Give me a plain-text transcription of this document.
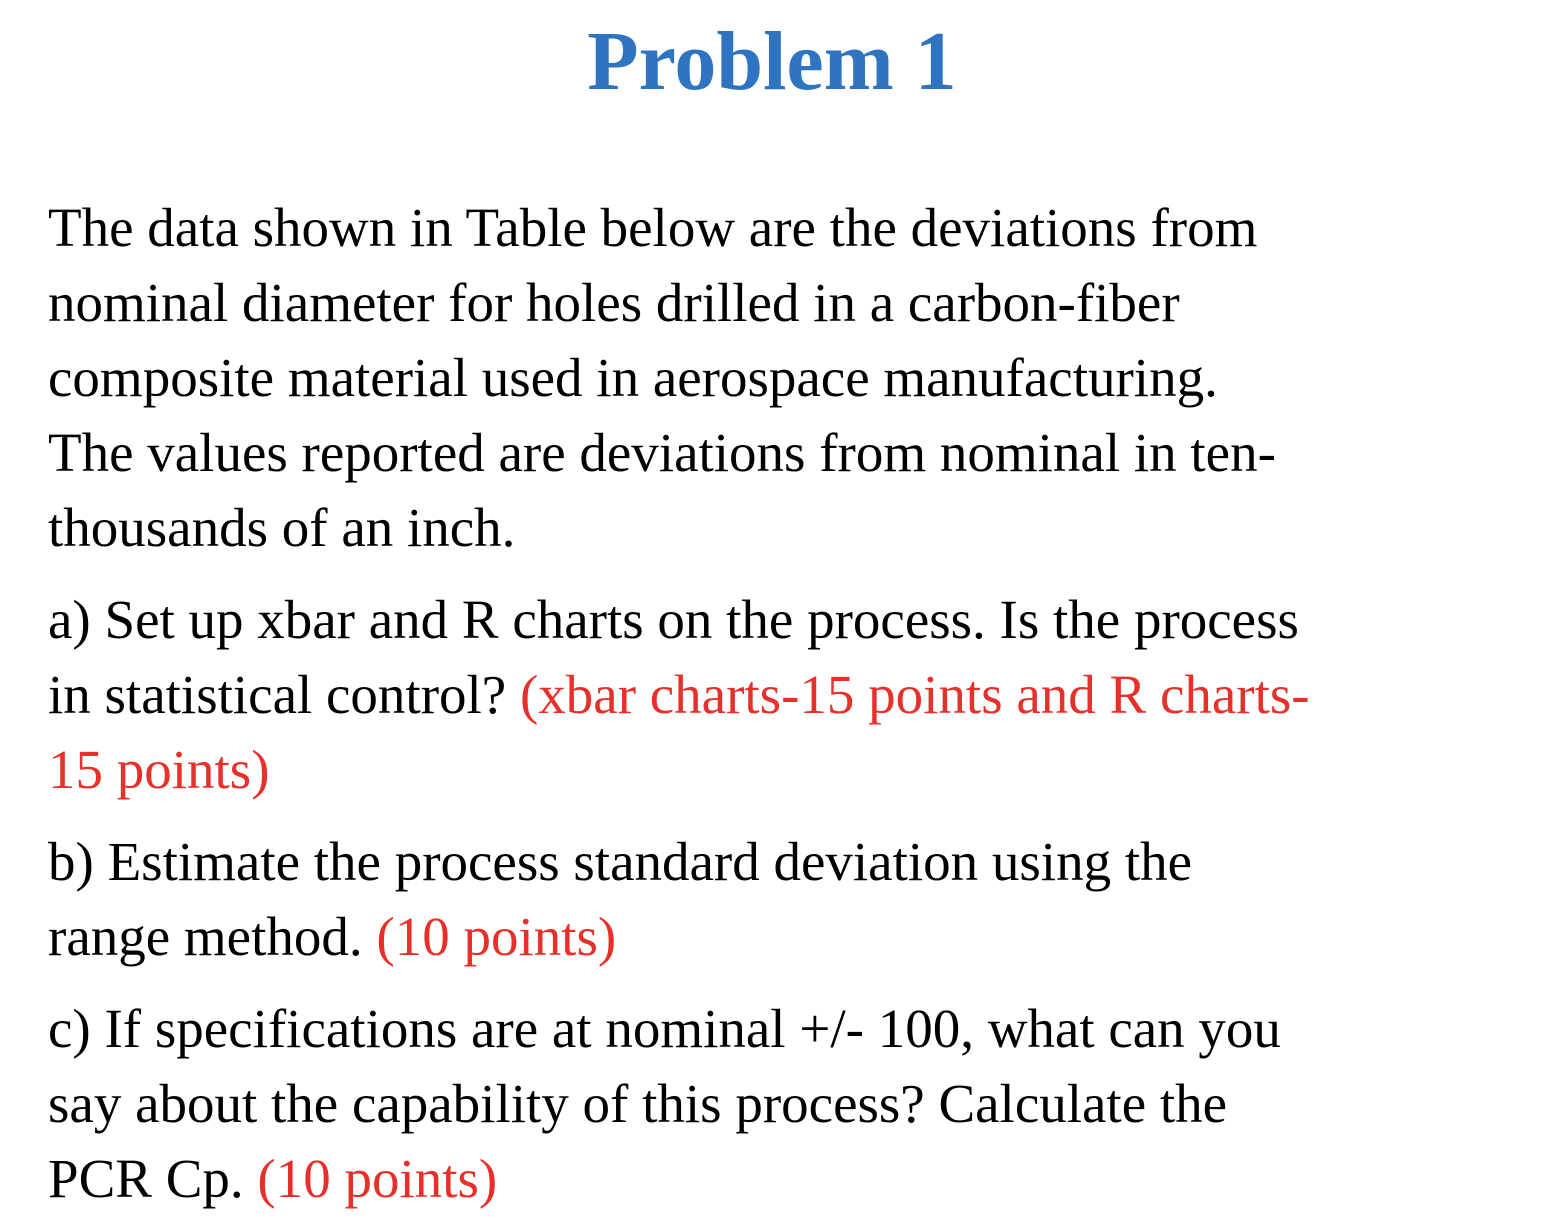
Problem 1

The data shown in Table below are the deviations from
nominal diameter for holes drilled in a carbon-fiber
composite material used in aerospace manufacturing.
The values reported are deviations from nominal in ten-
thousands of an inch.

a) Set up xbar and R charts on the process. Is the process
in statistical control? (xbar charts-15 points and R charts-
15 points)

b) Estimate the process standard deviation using the
range method. (10 points)

c) If specifications are at nominal +/- 100, what can you
say about the capability of this process? Calculate the
PCR Cp. (10 points)
